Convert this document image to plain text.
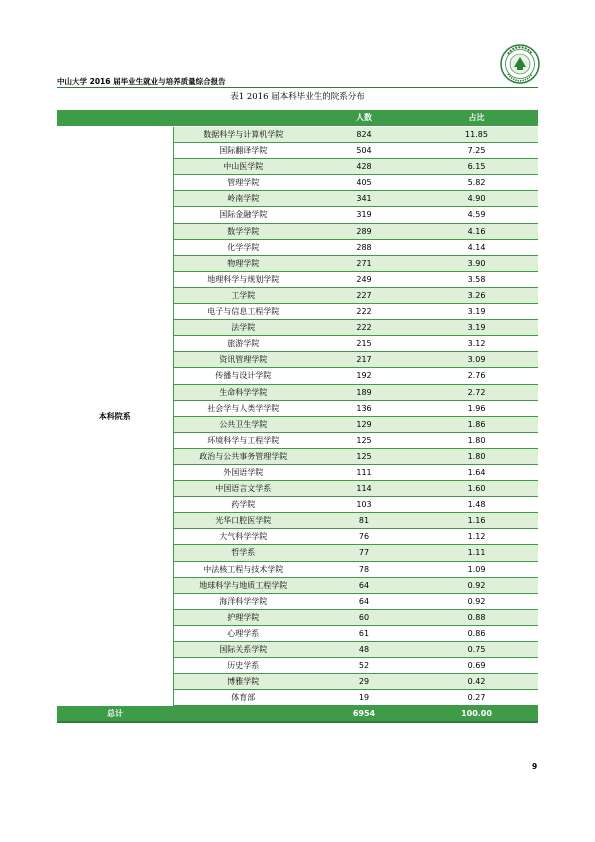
中山大学 2016 届毕业生就业与培养质量综合报告
表1 2016 届本科毕业生的院系分布
		人数	占比
本科院系	数据科学与计算机学院	824	11.85
	国际翻译学院	504	7.25
	中山医学院	428	6.15
	管理学院	405	5.82
	岭南学院	341	4.90
	国际金融学院	319	4.59
	数学学院	289	4.16
	化学学院	288	4.14
	物理学院	271	3.90
	地理科学与规划学院	249	3.58
	工学院	227	3.26
	电子与信息工程学院	222	3.19
	法学院	222	3.19
	旅游学院	215	3.12
	资讯管理学院	217	3.09
	传播与设计学院	192	2.76
	生命科学学院	189	2.72
	社会学与人类学学院	136	1.96
	公共卫生学院	129	1.86
	环境科学与工程学院	125	1.80
	政治与公共事务管理学院	125	1.80
	外国语学院	111	1.64
	中国语言文学系	114	1.60
	药学院	103	1.48
	光华口腔医学院	81	1.16
	大气科学学院	76	1.12
	哲学系	77	1.11
	中法核工程与技术学院	78	1.09
	地球科学与地质工程学院	64	0.92
	海洋科学学院	64	0.92
	护理学院	60	0.88
	心理学系	61	0.86
	国际关系学院	48	0.75
	历史学系	52	0.69
	博雅学院	29	0.42
	体育部	19	0.27
总计		6954	100.00
9
